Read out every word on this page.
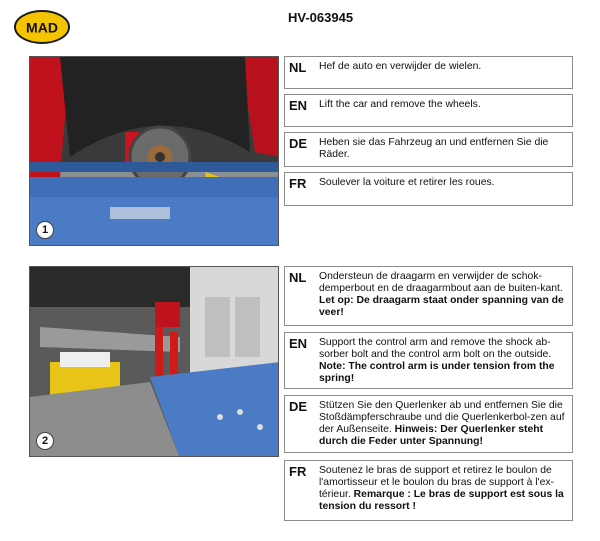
MAD
HV-063945
1
2
NL	Hef de auto en verwijder de wielen.
EN	Lift the car and remove the wheels.
DE	Heben sie das Fahrzeug an und entfernen Sie die Räder.
FR	Soulever la voiture et retirer les roues.
NL	Ondersteun de draagarm en verwijder de schok-demperbout en de draagarmbout aan de buiten-kant. Let op: De draagarm staat onder spanning van de veer!
EN	Support the control arm and remove the shock ab-sorber bolt and the control arm bolt on the outside. Note: The control arm is under tension from the spring!
DE	Stützen Sie den Querlenker ab und entfernen Sie die Stoßdämpferschraube und die Querlenkerbol-zen auf der Außenseite. Hinweis: Der Querlenker steht durch die Feder unter Spannung!
FR	Soutenez le bras de support et retirez le boulon de l'amortisseur et le boulon du bras de support à l'ex-térieur. Remarque : Le bras de support est sous la tension du ressort !
